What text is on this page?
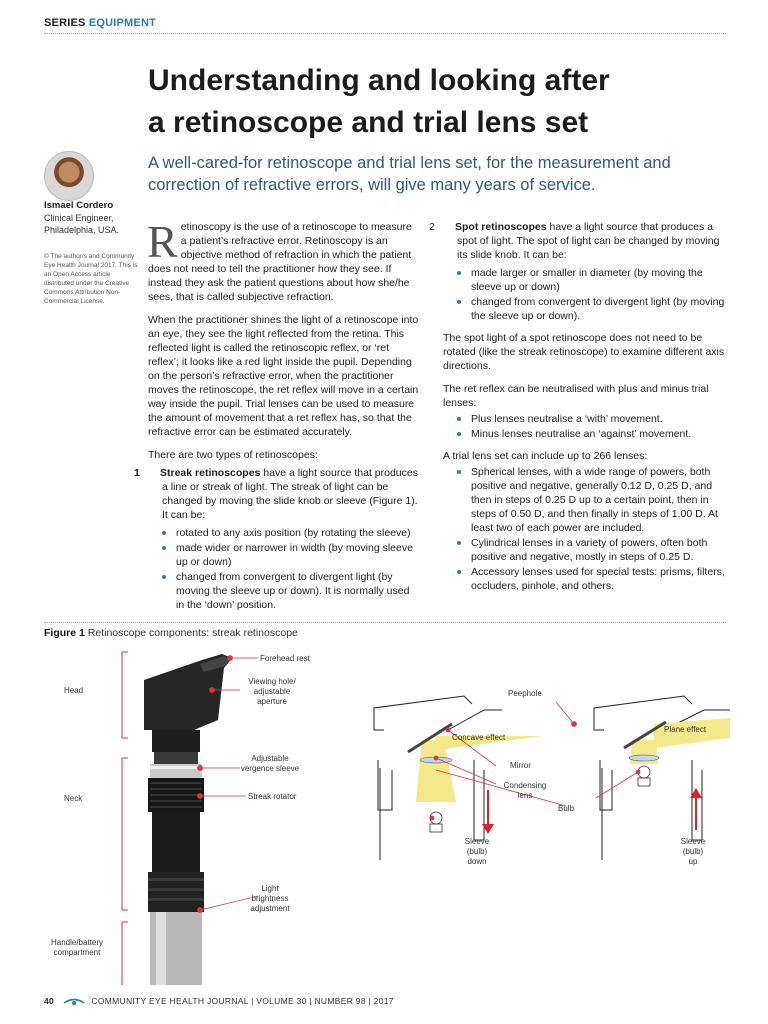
SERIES EQUIPMENT
Understanding and looking after
a retinoscope and trial lens set
A well-cared-for retinoscope and trial lens set, for the measurement and correction of refractive errors, will give many years of service.
Ismael Cordero
Clinical Engineer,
Philadelphia, USA.
© The author/s and Community Eye Health Journal 2017. This is an Open Access article distributed under the Creative Commons Attribution Non-Commercial License.

Retinoscopy is the use of a retinoscope to measure a patient’s refractive error. Retinoscopy is an objective method of refraction in which the patient does not need to tell the practitioner how they see. If instead they ask the patient questions about how she/he sees, that is called subjective refraction.

When the practitioner shines the light of a retinoscope into an eye, they see the light reflected from the retina. This reflected light is called the retinoscopic reflex, or ‘ret reflex’; it looks like a red light inside the pupil. Depending on the person’s refractive error, when the practitioner moves the retinoscope, the ret reflex will move in a certain way inside the pupil. Trial lenses can be used to measure the amount of movement that a ret reflex has, so that the refractive error can be estimated accurately.

There are two types of retinoscopes:

1 Streak retinoscopes have a light source that produces a line or streak of light. The streak of light can be changed by moving the slide knob or sleeve (Figure 1). It can be:
rotated to any axis position (by rotating the sleeve)
made wider or narrower in width (by moving sleeve up or down)
changed from convergent to divergent light (by moving the sleeve up or down). It is normally used in the ‘down’ position.
2 Spot retinoscopes have a light source that produces a spot of light. The spot of light can be changed by moving its slide knob. It can be:
made larger or smaller in diameter (by moving the sleeve up or down)
changed from convergent to divergent light (by moving the sleeve up or down).

The spot light of a spot retinoscope does not need to be rotated (like the streak retinoscope) to examine different axis directions.

The ret reflex can be neutralised with plus and minus trial lenses:

Plus lenses neutralise a ‘with’ movement.
Minus lenses neutralise an ‘against’ movement.

A trial lens set can include up to 266 lenses:

Spherical lenses, with a wide range of powers, both positive and negative, generally 0.12 D, 0.25 D, and then in steps of 0.25 D up to a certain point, then in steps of 0.50 D, and then finally in steps of 1.00 D. At least two of each power are included.
Cylindrical lenses in a variety of powers, often both positive and negative, mostly in steps of 0.25 D.
Accessory lenses used for special tests: prisms, filters, occluders, pinhole, and others.
Figure 1 Retinoscope components: streak retinoscope
Head
Neck
Handle/battery
compartment
Forehead rest
Viewing hole/
adjustable
aperture
Adjustable
vergence sleeve
Streak rotator
Light
brightness
adjustment
Peephole
Concave effect
Plane effect
Mirror
Condensing
lens
Bulb
Sleeve
(bulb)
down
Sleeve
(bulb)
up
40	COMMUNITY EYE HEALTH JOURNAL | VOLUME 30 | NUMBER 98 | 2017
